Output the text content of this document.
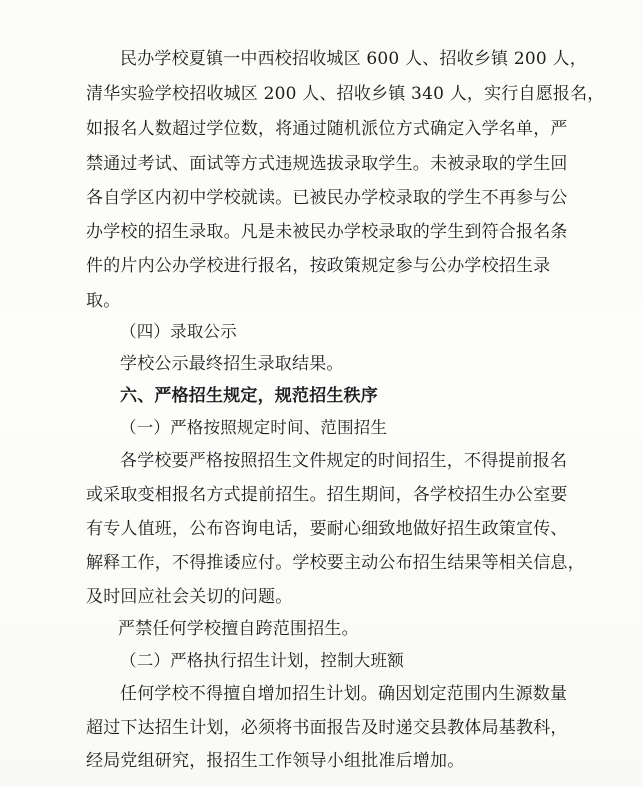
民办学校夏镇一中西校招收城区 600 人、招收乡镇 200 人，
清华实验学校招收城区 200 人、招收乡镇 340 人，实行自愿报名，
如报名人数超过学位数，将通过随机派位方式确定入学名单，严
禁通过考试、面试等方式违规选拔录取学生。未被录取的学生回
各自学区内初中学校就读。已被民办学校录取的学生不再参与公
办学校的招生录取。凡是未被民办学校录取的学生到符合报名条
件的片内公办学校进行报名，按政策规定参与公办学校招生录
取。
（四）录取公示
学校公示最终招生录取结果。
六、严格招生规定，规范招生秩序
（一）严格按照规定时间、范围招生
各学校要严格按照招生文件规定的时间招生，不得提前报名
或采取变相报名方式提前招生。招生期间，各学校招生办公室要
有专人值班，公布咨询电话，要耐心细致地做好招生政策宣传、
解释工作，不得推诿应付。学校要主动公布招生结果等相关信息，
及时回应社会关切的问题。
严禁任何学校擅自跨范围招生。
（二）严格执行招生计划，控制大班额
任何学校不得擅自增加招生计划。确因划定范围内生源数量
超过下达招生计划，必须将书面报告及时递交县教体局基教科，
经局党组研究，报招生工作领导小组批准后增加。
